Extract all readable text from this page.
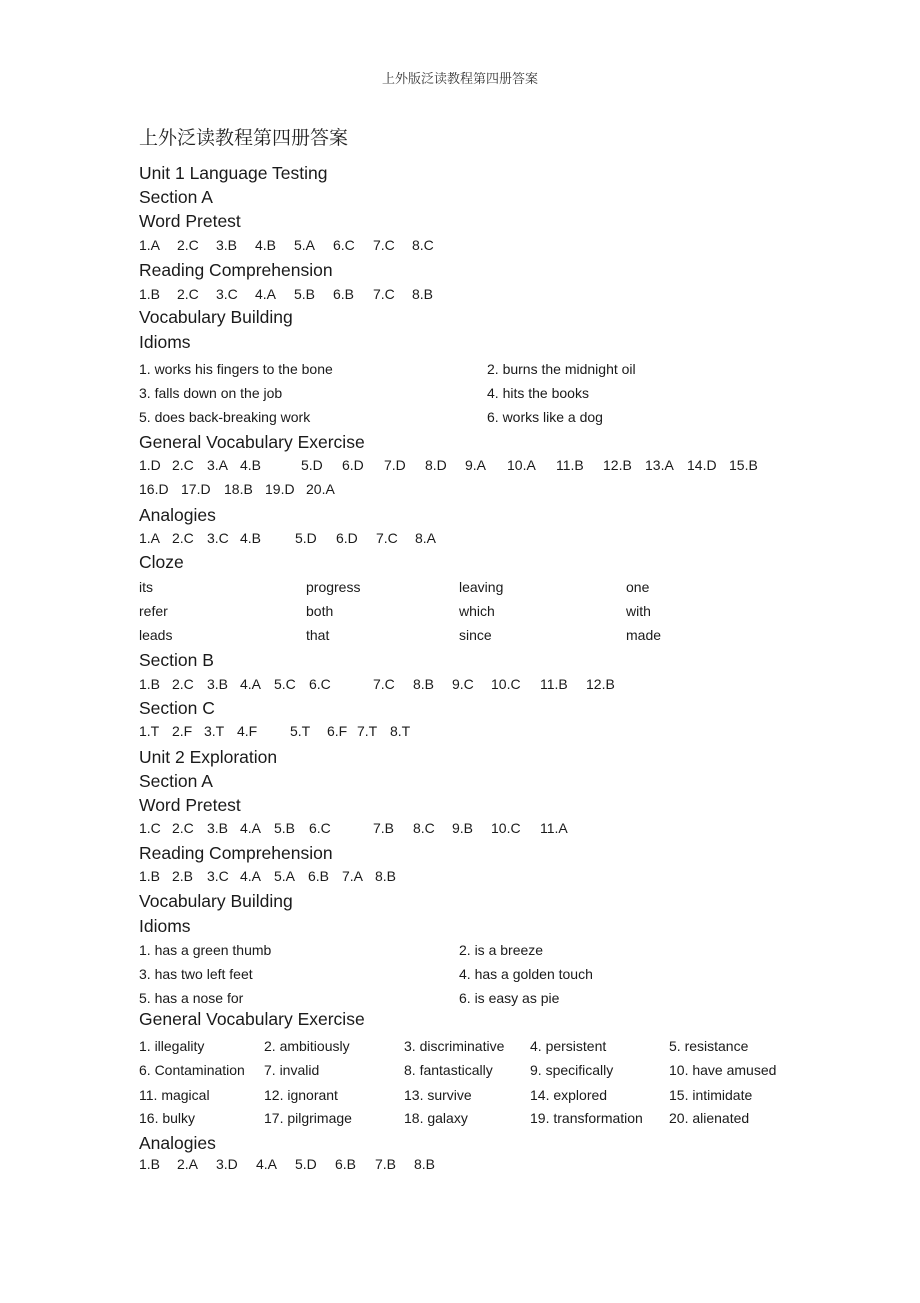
上外版泛读教程第四册答案
上外泛读教程第四册答案
Unit 1 Language Testing
Section A
Word Pretest
1.A 2.C 3.B 4.B 5.A 6.C 7.C 8.C
Reading Comprehension
1.B 2.C 3.C 4.A 5.B 6.B 7.C 8.B
Vocabulary Building
Idioms
1. works his fingers to the bone	2. burns the midnight oil
3. falls down on the job	4. hits the books
5. does back-breaking work	6. works like a dog
General Vocabulary Exercise
1.D 2.C 3.A 4.B	5.D 6.D 7.D 8.D 9.A 10.A 11.B 12.B 13.A 14.D 15.B
16.D 17.D 18.B 19.D 20.A
Analogies
1.A 2.C 3.C 4.B 5.D 6.D 7.C 8.A
Cloze
its	progress	leaving	one
refer	both	which	with
leads	that	since	made
Section B
1.B 2.C 3.B 4.A 5.C 6.C	7.C 8.B 9.C 10.C 11.B 12.B
Section C
1.T 2.F 3.T 4.F 5.T 6.F 7.T 8.T
Unit 2 Exploration
Section A
Word Pretest
1.C 2.C 3.B 4.A 5.B 6.C	7.B 8.C 9.B 10.C 11.A
Reading Comprehension
1.B 2.B 3.C 4.A 5.A 6.B 7.A 8.B
Vocabulary Building
Idioms
1. has a green thumb	2. is a breeze
3. has two left feet	4. has a golden touch
5. has a nose for	6. is easy as pie
General Vocabulary Exercise
1. illegality	2. ambitiously	3. discriminative 4. persistent	5. resistance
6. Contamination 7. invalid	8. fantastically	9. specifically	10. have amused
11. magical	12. ignorant	13. survive	14. explored	15. intimidate
16. bulky	17. pilgrimage	18. galaxy	19. transformation 20. alienated
Analogies
1.B 2.A 3.D 4.A 5.D 6.B 7.B 8.B
